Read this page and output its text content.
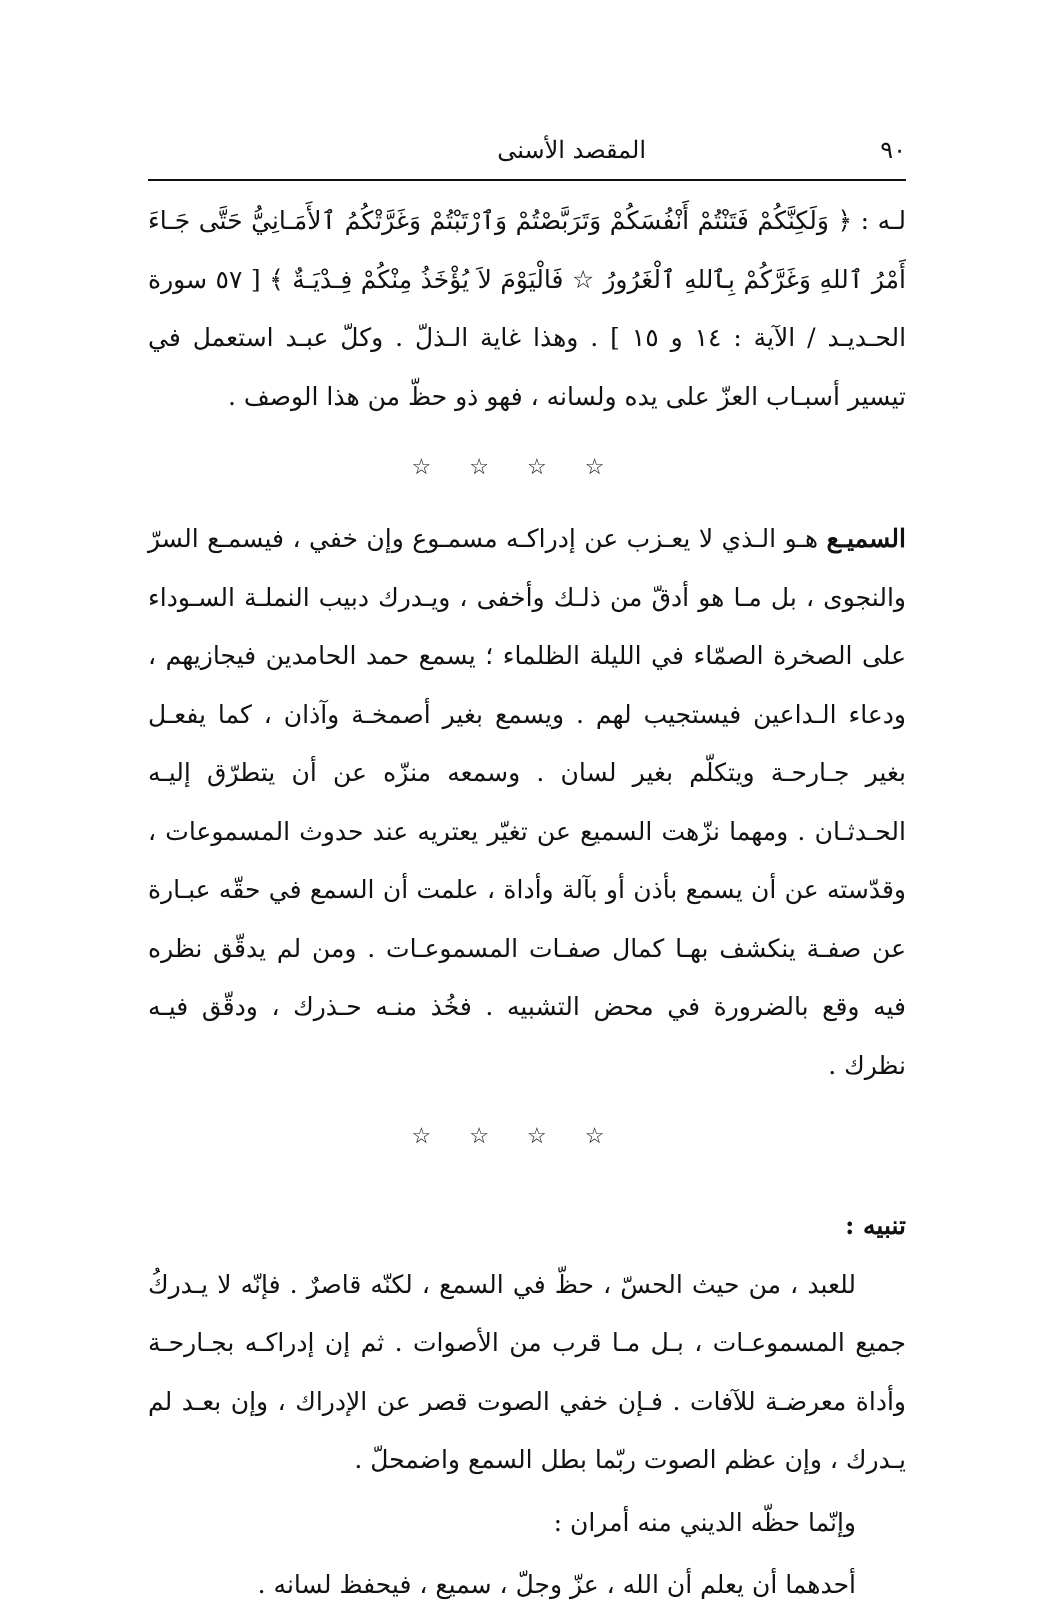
٩٠
المقصد الأسنى

لـه : ﴿ وَلَكِنَّكُمْ فَتَنْتُمْ أَنْفُسَكُمْ وَتَرَبَّصْتُمْ وَٱرْتَبْتُمْ وَغَرَّتْكُمُ ٱلأَمَـانِيُّ حَتَّى جَـاءَ أَمْرُ ٱللهِ وَغَرَّكُمْ بِٱللهِ ٱلْغَرُورُ ☆ فَالْيَوْمَ لاَ يُؤْخَذُ مِنْكُمْ فِـدْيَـةٌ ﴾ [ ٥٧ سورة الحـديـد / الآية : ١٤ و ١٥ ] . وهذا غاية الـذلّ . وكلّ عبـد استعمل في تيسير أسبـاب العزّ على يده ولسانه ، فهو ذو حظّ من هذا الوصف .

☆☆☆☆

السميـع هـو الـذي لا يعـزب عن إدراكـه مسمـوع وإن خفي ، فيسمـع السرّ والنجوى ، بل مـا هو أدقّ من ذلـك وأخفى ، ويـدرك دبيب النملـة السـوداء على الصخرة الصمّاء في الليلة الظلماء ؛ يسمع حمد الحامدين فيجازيهم ، ودعاء الـداعين فيستجيب لهم . ويسمع بغير أصمخـة وآذان ، كما يفعـل بغير جـارحـة ويتكلّم بغير لسان . وسمعه منزّه عن أن يتطرّق إليـه الحـدثـان . ومهما نزّهت السميع عن تغيّر يعتريه عند حدوث المسموعات ، وقدّسته عن أن يسمع بأذن أو بآلة وأداة ، علمت أن السمع في حقّه عبـارة عن صفـة ينكشف بهـا كمال صفـات المسموعـات . ومن لم يدقّق نظره فيه وقع بالضرورة في محض التشبيه . فخُذ منـه حـذرك ، ودقّق فيـه نظرك .

☆☆☆☆

تنبيه :

للعبد ، من حيث الحسّ ، حظّ في السمع ، لكنّه قاصرٌ . فإنّه لا يـدركُ جميع المسموعـات ، بـل مـا قرب من الأصوات . ثم إن إدراكـه بجـارحـة وأداة معرضـة للآفات . فـإن خفي الصوت قصر عن الإدراك ، وإن بعـد لم يـدرك ، وإن عظم الصوت ربّما بطل السمع واضمحلّ .

وإنّما حظّه الديني منه أمران :

أحدهما أن يعلم أن الله ، عزّ وجلّ ، سميع ، فيحفظ لسانه .
